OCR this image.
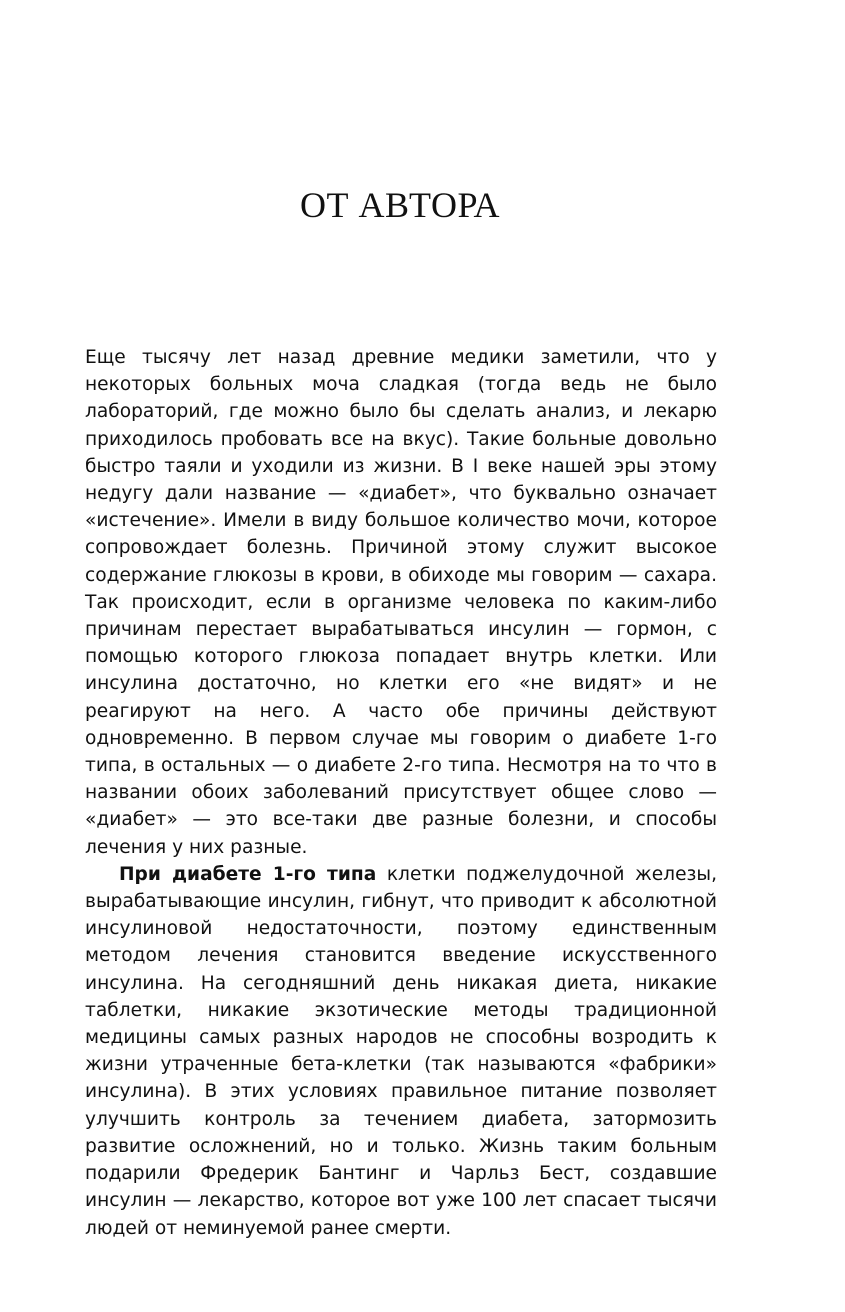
ОТ АВТОРА

Еще тысячу лет назад древние медики заметили, что у некоторых больных моча сладкая (тогда ведь не было лабораторий, где можно было бы сделать анализ, и лекарю приходилось пробовать все на вкус). Такие больные довольно быстро таяли и уходили из жизни. В I веке нашей эры этому недугу дали название — «диабет», что буквально означает «истечение». Имели в виду большое количество мочи, которое сопровождает болезнь. Причиной этому служит высокое содержание глюкозы в крови, в обиходе мы говорим — сахара. Так происходит, если в организме человека по каким-либо причинам перестает вырабатываться инсулин — гормон, с помощью которого глюкоза попадает внутрь клетки. Или инсулина достаточно, но клетки его «не видят» и не реагируют на него. А часто обе причины действуют одновременно. В первом случае мы говорим о диабете 1-го типа, в остальных — о диабете 2-го типа. Несмотря на то что в названии обоих заболеваний присутствует общее слово — «диабет» — это все-таки две разные болезни, и способы лечения у них разные.

При диабете 1-го типа клетки поджелудочной железы, вырабатывающие инсулин, гибнут, что приводит к абсолютной инсулиновой недостаточности, поэтому единственным методом лечения становится введение искусственного инсулина. На сегодняшний день никакая диета, никакие таблетки, никакие экзотические методы традиционной медицины самых разных народов не способны возродить к жизни утраченные бета-клетки (так называются «фабрики» инсулина). В этих условиях правильное питание позволяет улучшить контроль за течением диабета, затормозить развитие осложнений, но и только. Жизнь таким больным подарили Фредерик Бантинг и Чарльз Бест, создавшие инсулин — лекарство, которое вот уже 100 лет спасает тысячи людей от неминуемой ранее смерти.
